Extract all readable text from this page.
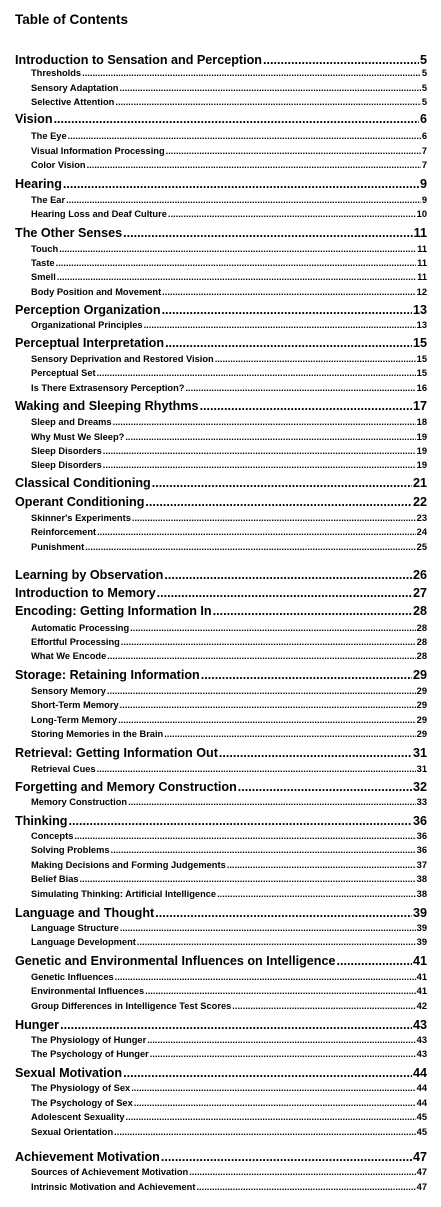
Table of Contents
Introduction to Sensation and Perception .....	5
Thresholds .....	5
Sensory Adaptation .....	5
Selective Attention .....	5
Vision .....	6
The Eye .....	6
Visual Information Processing .....	7
Color Vision .....	7
Hearing .....	9
The Ear .....	9
Hearing Loss and Deaf Culture .....	10
The Other Senses .....	11
Touch .....	11
Taste .....	11
Smell .....	11
Body Position and Movement .....	12
Perception Organization .....	13
Organizational Principles .....	13
Perceptual Interpretation .....	15
Sensory Deprivation and Restored Vision .....	15
Perceptual Set .....	15
Is There Extrasensory Perception? .....	16
Waking and Sleeping Rhythms .....	17
Sleep and Dreams .....	18
Why Must We Sleep? .....	19
Sleep Disorders .....	19
Sleep Disorders .....	19
Classical Conditioning .....	21
Operant Conditioning .....	22
Skinner's Experiments .....	23
Reinforcement .....	24
Punishment .....	25
Learning by Observation .....	26
Introduction to Memory .....	27
Encoding: Getting Information In .....	28
Automatic Processing .....	28
Effortful Processing .....	28
What We Encode .....	28
Storage: Retaining Information .....	29
Sensory Memory .....	29
Short-Term Memory .....	29
Long-Term Memory .....	29
Storing Memories in the Brain .....	29
Retrieval: Getting Information Out .....	31
Retrieval Cues .....	31
Forgetting and Memory Construction .....	32
Memory Construction .....	33
Thinking .....	36
Concepts .....	36
Solving Problems .....	36
Making Decisions and Forming Judgements .....	37
Belief Bias .....	38
Simulating Thinking: Artificial Intelligence .....	38
Language and Thought .....	39
Language Structure .....	39
Language Development .....	39
Genetic and Environmental Influences on Intelligence .....	41
Genetic Influences .....	41
Environmental Influences .....	41
Group Differences in Intelligence Test Scores .....	42
Hunger .....	43
The Physiology of Hunger .....	43
The Psychology of Hunger .....	43
Sexual Motivation .....	44
The Physiology of Sex .....	44
The Psychology of Sex .....	44
Adolescent Sexuality .....	45
Sexual Orientation .....	45
Achievement Motivation .....	47
Sources of Achievement Motivation .....	47
Intrinsic Motivation and Achievement .....	47
